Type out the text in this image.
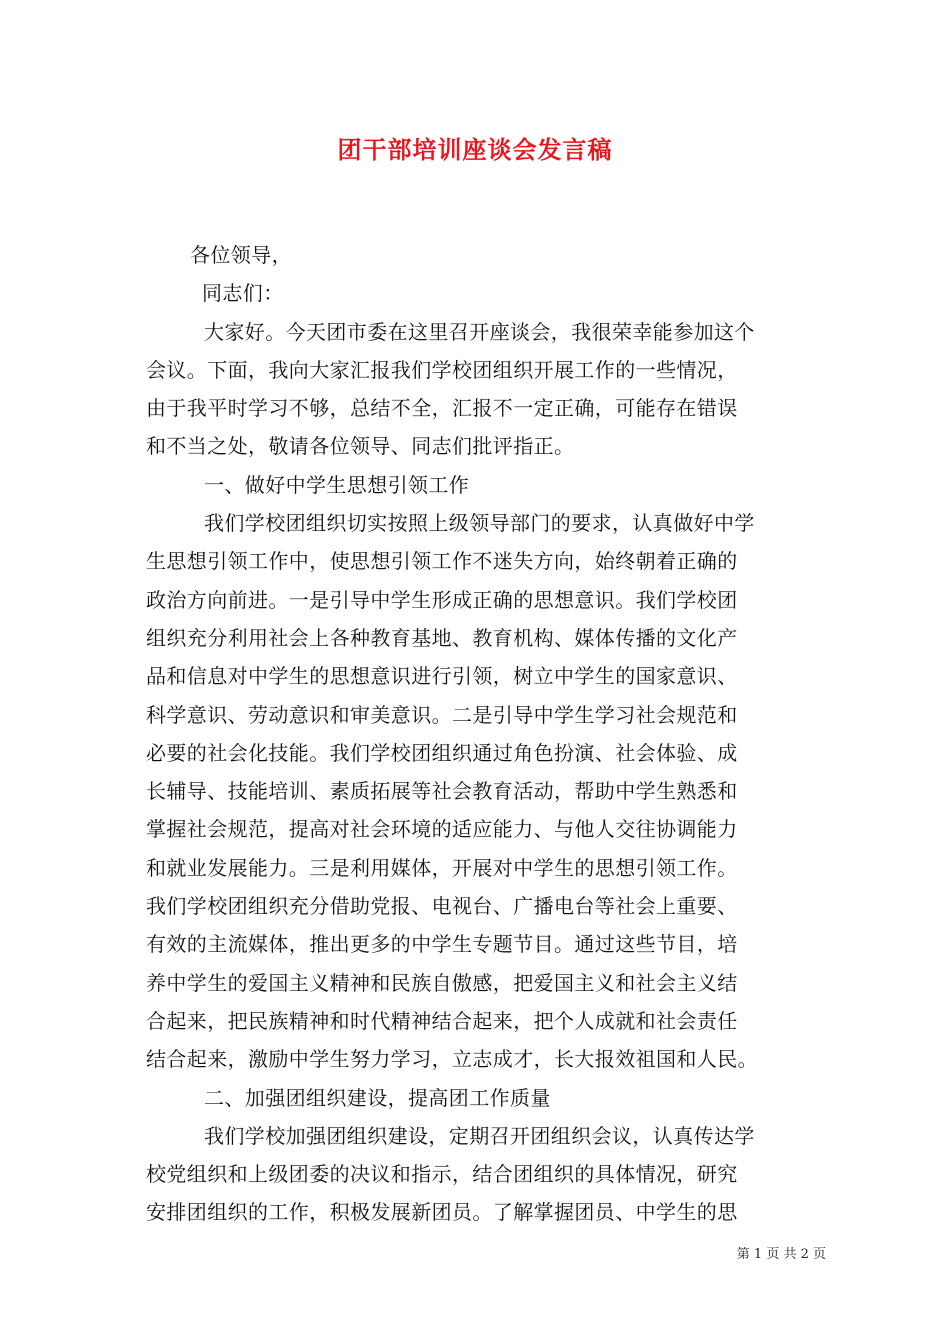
团干部培训座谈会发言稿
各位领导，
同志们：
大家好。今天团市委在这里召开座谈会，我很荣幸能参加这个
会议。下面，我向大家汇报我们学校团组织开展工作的一些情况，
由于我平时学习不够，总结不全，汇报不一定正确，可能存在错误
和不当之处，敬请各位领导、同志们批评指正。
一、做好中学生思想引领工作
我们学校团组织切实按照上级领导部门的要求，认真做好中学
生思想引领工作中，使思想引领工作不迷失方向，始终朝着正确的
政治方向前进。一是引导中学生形成正确的思想意识。我们学校团
组织充分利用社会上各种教育基地、教育机构、媒体传播的文化产
品和信息对中学生的思想意识进行引领，树立中学生的国家意识、
科学意识、劳动意识和审美意识。二是引导中学生学习社会规范和
必要的社会化技能。我们学校团组织通过角色扮演、社会体验、成
长辅导、技能培训、素质拓展等社会教育活动，帮助中学生熟悉和
掌握社会规范，提高对社会环境的适应能力、与他人交往协调能力
和就业发展能力。三是利用媒体，开展对中学生的思想引领工作。
我们学校团组织充分借助党报、电视台、广播电台等社会上重要、
有效的主流媒体，推出更多的中学生专题节目。通过这些节目，培
养中学生的爱国主义精神和民族自傲感，把爱国主义和社会主义结
合起来，把民族精神和时代精神结合起来，把个人成就和社会责任
结合起来，激励中学生努力学习，立志成才，长大报效祖国和人民。
二、加强团组织建设，提高团工作质量
我们学校加强团组织建设，定期召开团组织会议，认真传达学
校党组织和上级团委的决议和指示，结合团组织的具体情况，研究
安排团组织的工作，积极发展新团员。了解掌握团员、中学生的思
第 1 页 共 2 页
